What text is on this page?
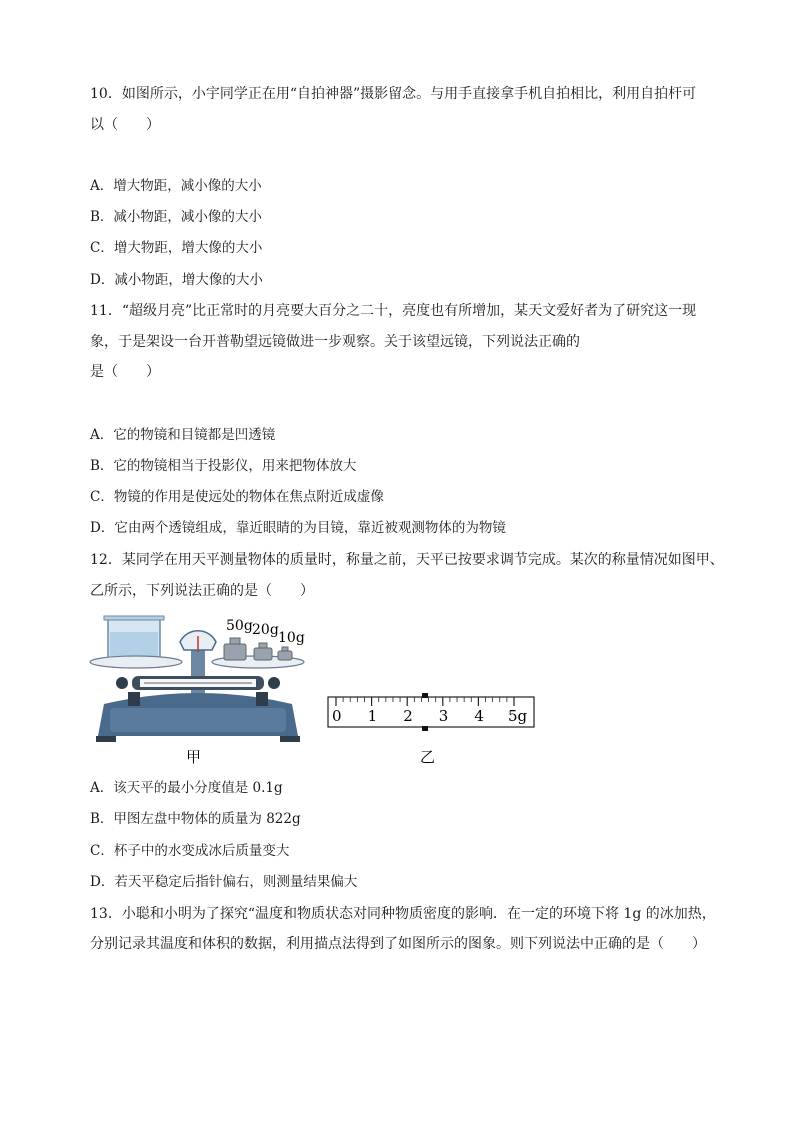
10．如图所示，小宇同学正在用“自拍神器”摄影留念。与用手直接拿手机自拍相比，利用自拍杆可
以（　　）
A．增大物距，减小像的大小
B．减小物距，减小像的大小
C．增大物距，增大像的大小
D．减小物距，增大像的大小
11．“超级月亮”比正常时的月亮要大百分之二十，亮度也有所增加，某天文爱好者为了研究这一现
象，于是架设一台开普勒望远镜做进一步观察。关于该望远镜，下列说法正确的
是（　　）
A．它的物镜和目镜都是凹透镜
B．它的物镜相当于投影仪，用来把物体放大
C．物镜的作用是使远处的物体在焦点附近成虚像
D．它由两个透镜组成，靠近眼睛的为目镜，靠近被观测物体的为物镜
12．某同学在用天平测量物体的质量时，称量之前，天平已按要求调节完成。某次的称量情况如图甲、
乙所示，下列说法正确的是（　　）
50g 20g 10g
甲
0 1 2 3 4 5g
乙
A．该天平的最小分度值是 0.1g
B．甲图左盘中物体的质量为 822g
C．杯子中的水变成冰后质量变大
D．若天平稳定后指针偏右，则测量结果偏大
13．小聪和小明为了探究“温度和物质状态对同种物质密度的影响．在一定的环境下将 1g 的冰加热，
分别记录其温度和体积的数据，利用描点法得到了如图所示的图象。则下列说法中正确的是（　　）
